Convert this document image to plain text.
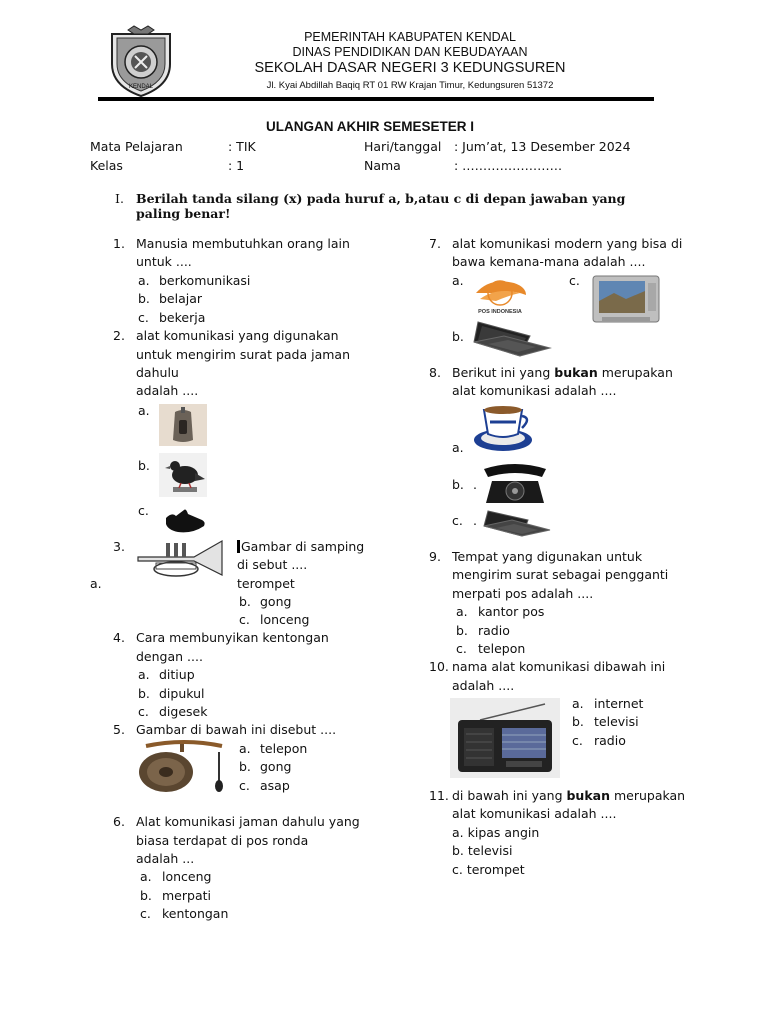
KENDAL
PEMERINTAH KABUPATEN KENDAL
DINAS PENDIDIKAN DAN KEBUDAYAAN
SEKOLAH DASAR NEGERI 3 KEDUNGSUREN
Jl. Kyai Abdillah Baqiq RT 01 RW Krajan Timur, Kedungsuren 51372
ULANGAN AKHIR SEMESETER I
Mata Pelajaran	: TIK	Hari/tanggal : Jum’at, 13 Desember 2024
Kelas	: 1	Nama	: ……………………
I. Berilah tanda silang (x) pada huruf a, b,atau c di depan jawaban yang paling benar!
1. Manusia membutuhkan orang lain
untuk ....
a. berkomunikasi
b. belajar
c. bekerja
2. alat komunikasi yang digunakan
untuk mengirim surat pada jaman
dahulu
adalah ....
a.
b.
c.
3.	Gambar di samping
di sebut ....
a.	terompet
b. gong
c. lonceng
4. Cara membunyikan kentongan
dengan ....
a. ditiup
b. dipukul
c. digesek
5. Gambar di bawah ini disebut ....
a. telepon
b. gong
c. asap
6. Alat komunikasi jaman dahulu yang
biasa terdapat di pos ronda
adalah ...
a. lonceng
b. merpati
c. kentongan
7. alat komunikasi modern yang bisa di
bawa kemana-mana adalah ....
a.
POS INDONESIA
c.
b.
8. Berikut ini yang bukan merupakan
alat komunikasi adalah ....
a.
b. .
c. .
9. Tempat yang digunakan untuk
mengirim surat sebagai pengganti
merpati pos adalah ....
a. kantor pos
b. radio
c. telepon
10. nama alat komunikasi dibawah ini
adalah ....
a. internet
b. televisi
c. radio
11. di bawah ini yang bukan merupakan
alat komunikasi adalah ....
a. kipas angin
b. televisi
c. terompet
